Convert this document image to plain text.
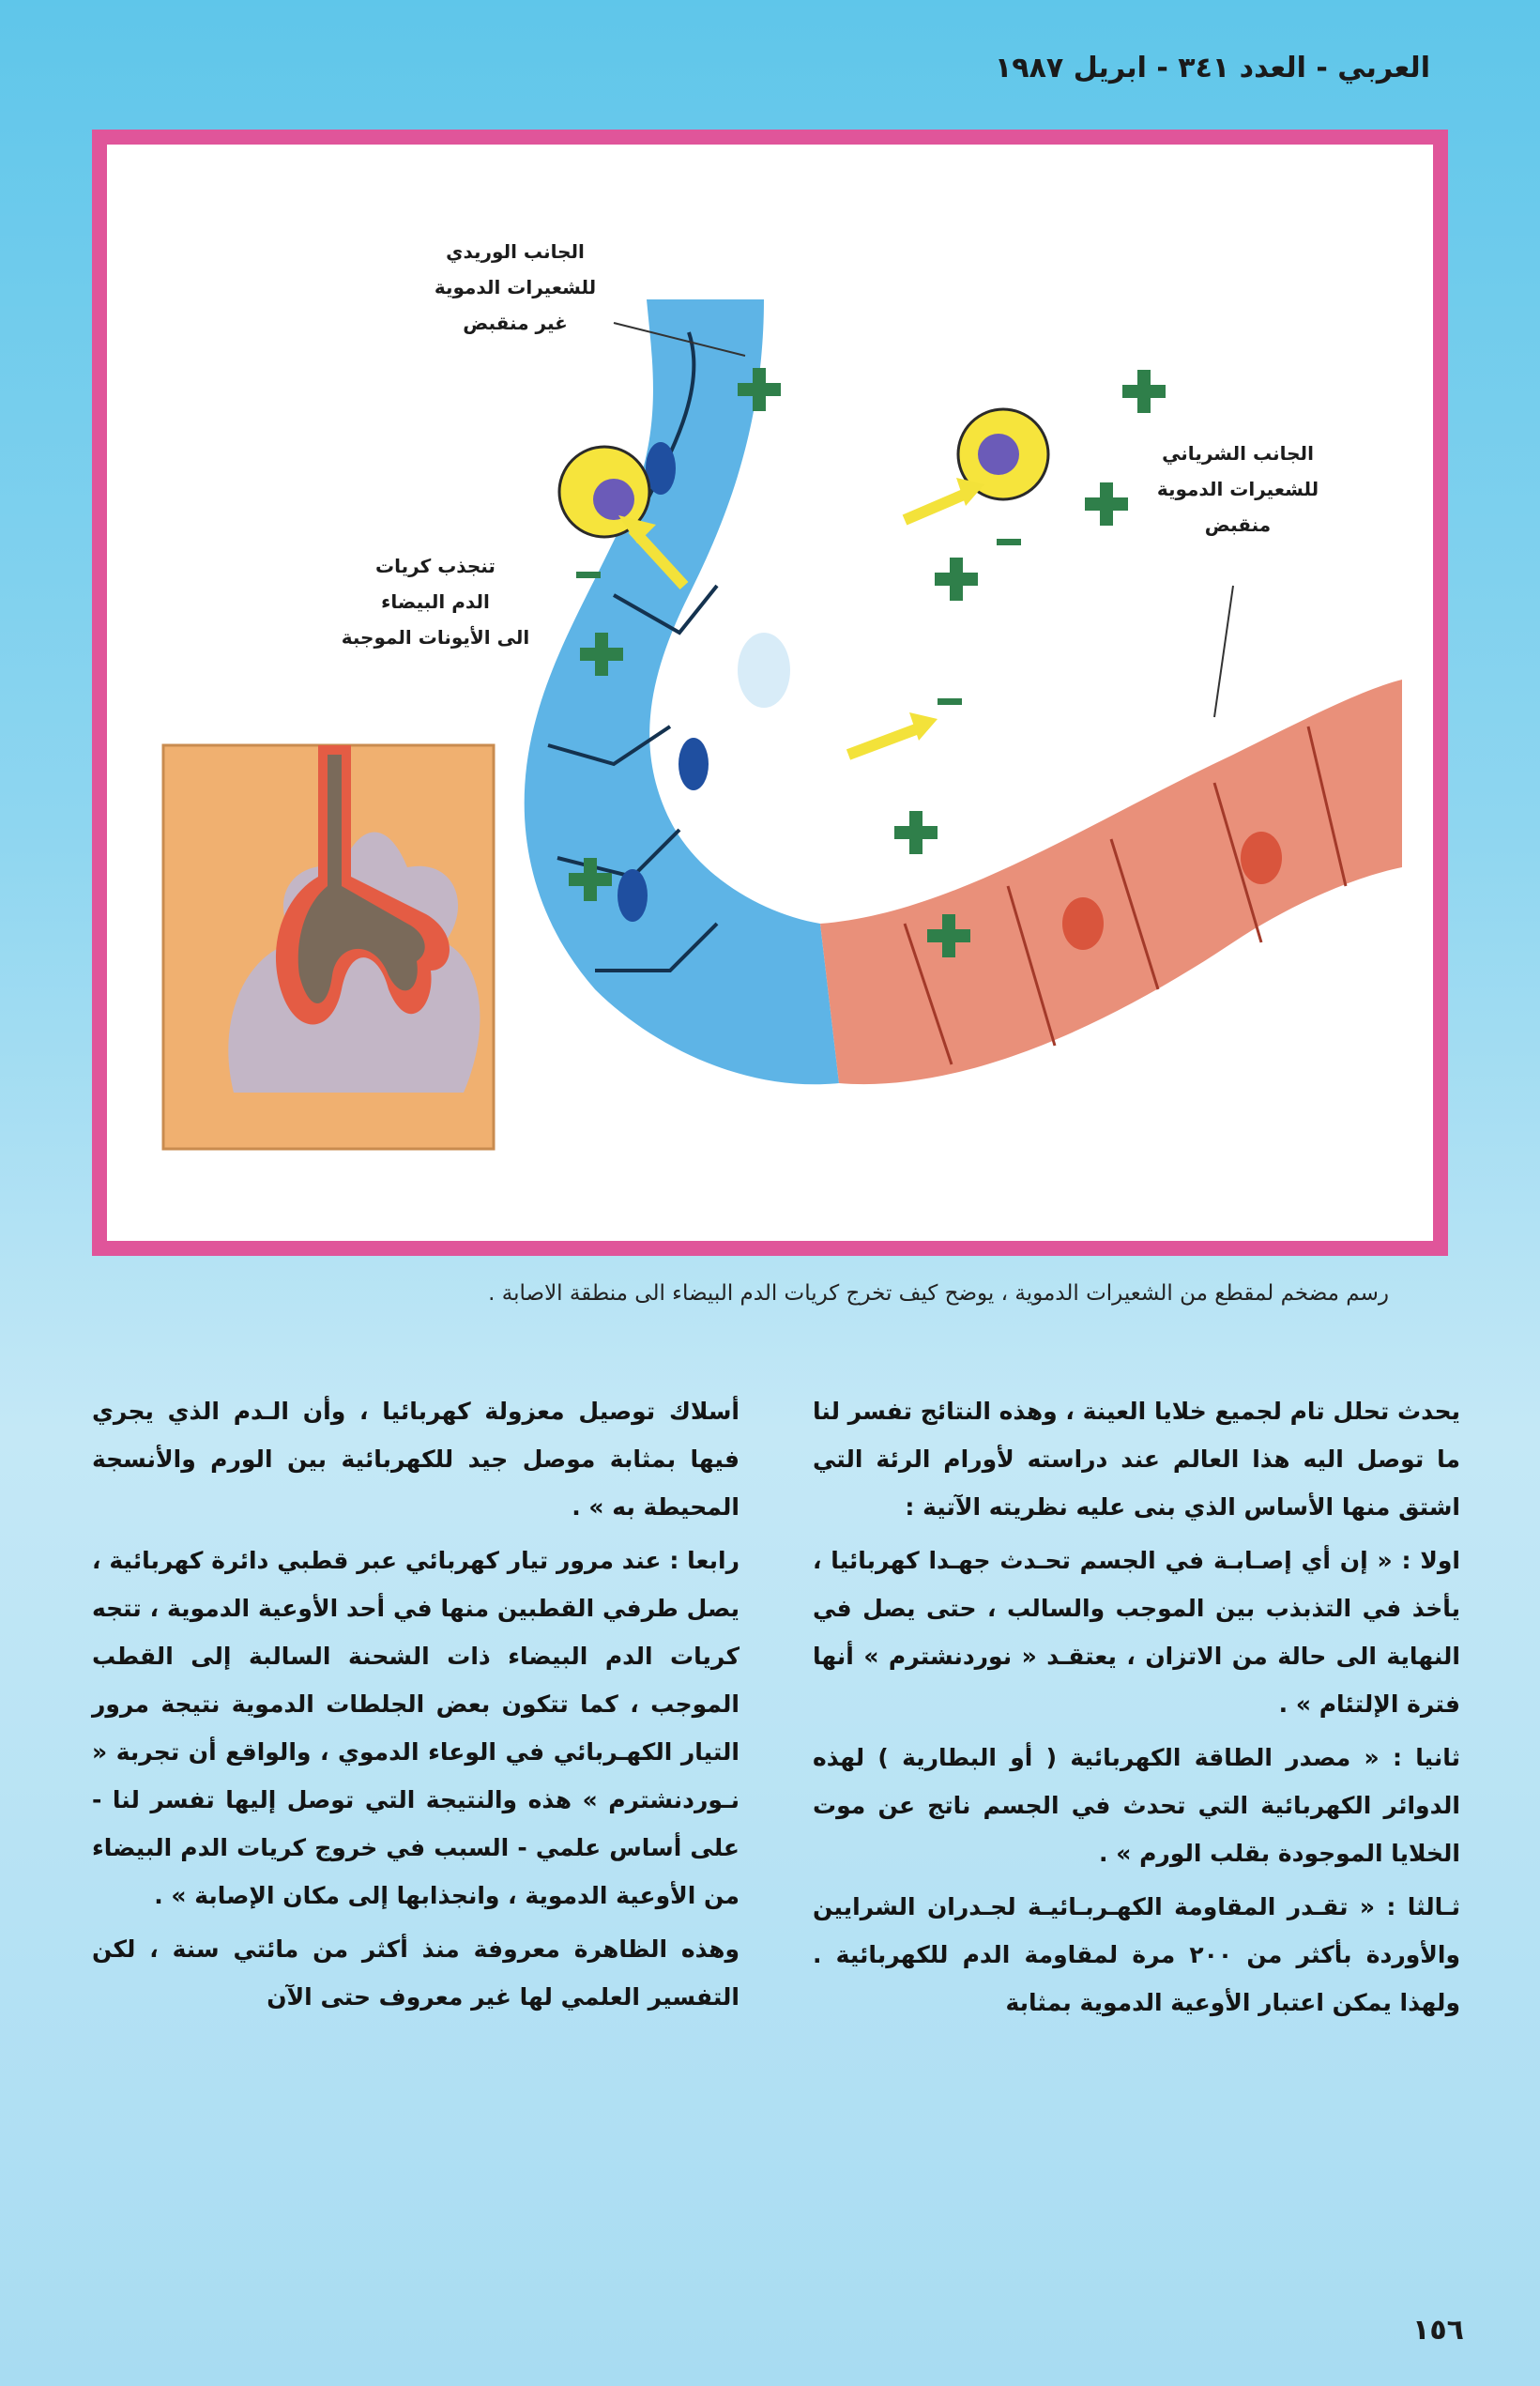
العربي - العدد ٣٤١ - ابريل ١٩٨٧
الجانب الوريدي
للشعيرات الدموية
غير منقبض
الجانب الشرياني
للشعيرات الدموية
منقبض
تنجذب كريات
الدم البيضاء
الى الأيونات الموجبة
رسم مضخم لمقطع من الشعيرات الدموية ، يوضح كيف تخرج كريات الدم البيضاء الى منطقة الاصابة .

يحدث تحلل تام لجميع خلايا العينة ، وهذه النتائج تفسر لنا ما توصل اليه هذا العالم عند دراسته لأورام الرئة التي اشتق منها الأساس الذي بنى عليه نظريته الآتية :

اولا : « إن أي إصـابـة في الجسم تحـدث جهـدا كهربائيا ، يأخذ في التذبذب بين الموجب والسالب ، حتى يصل في النهاية الى حالة من الاتزان ، يعتقـد « نوردنشترم » أنها فترة الإلتئام » .

ثانيا : « مصدر الطاقة الكهربائية ( أو البطارية ) لهذه الدوائر الكهربائية التي تحدث في الجسم ناتج عن موت الخلايا الموجودة بقلب الورم » .

ثـالثا : « تقـدر المقاومة الكهـربـائيـة لجـدران الشرايين والأوردة بأكثر من ٢٠٠ مرة لمقاومة الدم للكهربائية . ولهذا يمكن اعتبار الأوعية الدموية بمثابة

أسلاك توصيل معزولة كهربائيا ، وأن الـدم الذي يجري فيها بمثابة موصل جيد للكهربائية بين الورم والأنسجة المحيطة به » .

رابعا : عند مرور تيار كهربائي عبر قطبي دائرة كهربائية ، يصل طرفي القطبين منها في أحد الأوعية الدموية ، تتجه كريات الدم البيضاء ذات الشحنة السالبة إلى القطب الموجب ، كما تتكون بعض الجلطات الدموية نتيجة مرور التيار الكهـربائي في الوعاء الدموي ، والواقع أن تجربة « نـوردنشترم » هذه والنتيجة التي توصل إليها تفسر لنا - على أساس علمي - السبب في خروج كريات الدم البيضاء من الأوعية الدموية ، وانجذابها إلى مكان الإصابة » .

وهذه الظاهرة معروفة منذ أكثر من مائتي سنة ، لكن التفسير العلمي لها غير معروف حتى الآن

١٥٦
